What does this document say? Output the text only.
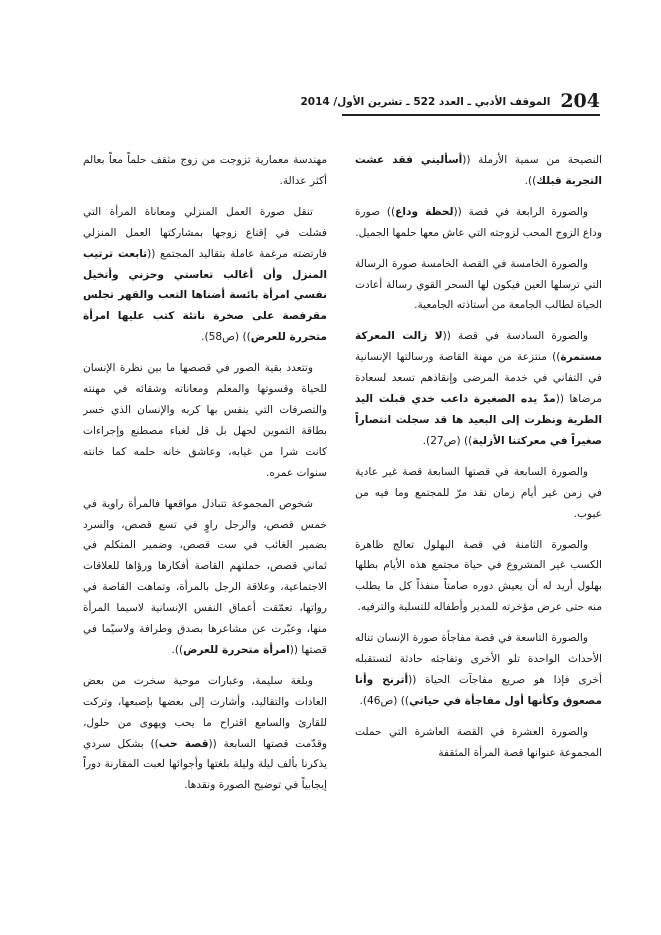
204
الموقف الأدبي ـ العدد 522 ـ تشرين الأول/ 2014

النصيحة من سمية الأرملة ((أسأليني فقد عشت التجربة قبلك)).

والصورة الرابعة في قصة ((لحظة وداع)) صورة وداع الزوج المحب لزوجته التي عاش معها حلمها الجميل.

والصورة الخامسة في القصة الخامسة صورة الرسالة التي ترسلها العين فيكون لها السحر القوي رسالة أعادت الحياة لطالب الجامعة من أستاذته الجامعية.

والصورة السادسة في قصة ((لا زالت المعركة مستمرة)) منتزعة من مهنة القاصة ورسالتها الإنسانية في التفاني في خدمة المرضى وإنقاذهم تسعد لسعادة مرضاها ((مدّ يده الصغيرة داعب خدي قبلت اليد الطرية ونظرت إلى البعيد ها قد سجلت انتصاراً صغيراً في معركتنا الأزلية)) (ص27).

والصورة السابعة في قصتها السابعة قصة غير عادية في زمن غير أيام زمان نقد مرّ للمجتمع وما فيه من عيوب.

والصورة الثامنة في قصة البهلول تعالج ظاهرة الكسب غير المشروع في حياة مجتمع هذه الأيام بطلها بهلول أريد له أن يعيش دوره صامتاً منفذاً كل ما يطلب منه حتى عرض مؤخرته للمدير وأطفاله للتسلية والترفيه.

والصورة التاسعة في قصة مفاجأة صورة الإنسان تناله الأحداث الواحدة تلو الأخرى وتفاجئه حادثة لتستقبله أخرى فإذا هو صريع مفاجآت الحياة ((أترنح وأنا مصعوق وكأنها أول مفاجأة في حياتي)) (ص46).

والصورة العشرة في القصة العاشرة التي حملت المجموعة عنوانها قصة المرأة المثقفة

مهندسة معمارية تزوجت من زوج مثقف حلماً معاً بعالم أكثر عدالة.

تنقل صورة العمل المنزلي ومعاناة المرأة التي فشلت في إقناع زوجها بمشاركتها العمل المنزلي فارتضته مرغمة عاملة بتقاليد المجتمع ((تابعت ترتيب المنزل وأن أغالب تعاستي وحزني وأتخيل نفسي امرأة بائسة أضناها التعب والقهر تجلس مقرفصة على صخرة ناتئة كتب عليها امرأة متحررة للعرض)) (ص58).

وتتعدد بقية الصور في قصصها ما بين نظرة الإنسان للحياة وقسوتها والمعلم ومعاناته وشقائه في مهنته والتصرفات التي ينفس بها كربه والإنسان الذي خسر بطاقة التموين لجهل بل قل لغباء مصطنع وإجراءات كانت شرا من غيابه، وعاشق خانه حلمه كما خانته سنوات عمره.

شخوص المجموعة تتبادل مواقعها فالمرأة راوية في خمس قصص، والرجل راوٍ في تسع قصص، والسرد بضمير الغائب في ست قصص، وضمير المتكلم في ثماني قصص، حملتهم القاصة أفكارها ورؤاها للعلاقات الاجتماعية، وعلاقة الرجل بالمرأة، وتماهت القاصة في رواتها، تعمّقت أعماق النفس الإنسانية لاسيما المرأة منها، وعبّرت عن مشاعرها بصدق وطرافة ولاسيّما في قصتها ((امرأة متحررة للعرض)).

وبلغة سليمة، وعبارات موحية سخرت من بعض العادات والتقاليد، وأشارت إلى بعضها بإصبعها، وتركت للقارئ والسامع اقتراح ما يحب ويهوى من حلول، وقدّمت قصتها السابعة ((قصة حب)) بشكل سردي يذكرنا بألف ليلة وليلة بلغتها وأجوائها لعبت المقارنة دوراً إيجابياً في توضيح الصورة ونقدها.
